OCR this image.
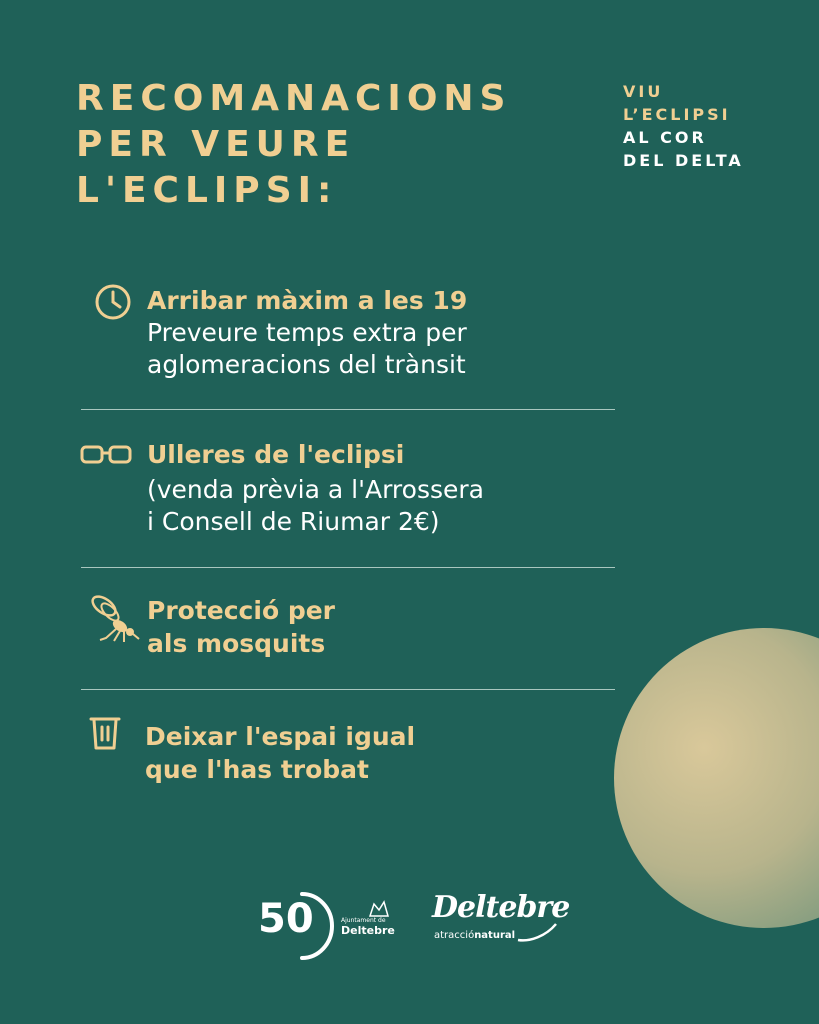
RECOMANACIONS
PER VEURE
L'ECLIPSI:
VIU
L’ECLIPSI
AL COR
DEL DELTA
Arribar màxim a les 19
Preveure temps extra per
aglomeracions del trànsit
Ulleres de l'eclipsi
(venda prèvia a l'Arrossera
i Consell de Riumar 2€)
Protecció per
als mosquits
Deixar l'espai igual
que l'has trobat
50	Ajuntament de
Deltebre
Deltebre
atracciónatural
